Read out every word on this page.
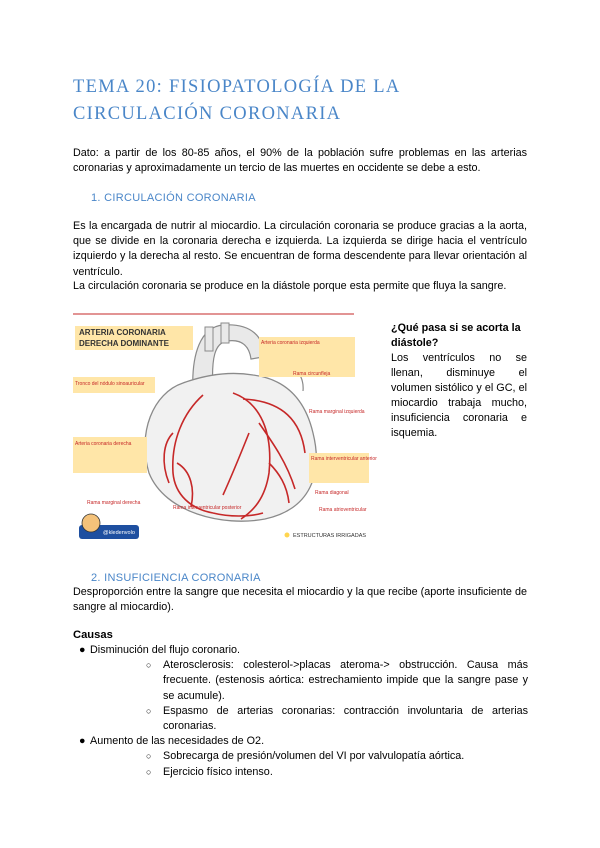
TEMA 20: FISIOPATOLOGÍA DE LA CIRCULACIÓN CORONARIA

Dato: a partir de los 80-85 años, el 90% de la población sufre problemas en las arterias coronarias y aproximadamente un tercio de las muertes en occidente se debe a esto.

1. CIRCULACIÓN CORONARIA

Es la encargada de nutrir al miocardio. La circulación coronaria se produce gracias a la aorta, que se divide en la coronaria derecha e izquierda. La izquierda se dirige hacia el ventrículo izquierdo y la derecha al resto. Se encuentran de forma descendente para llevar orientación al ventrículo.

La circulación coronaria se produce en la diástole porque esta permite que fluya la sangre.

ARTERIA CORONARIA
DERECHA DOMINANTE
Tronco del nódulo sinoauricular
Arteria coronaria derecha
Rama marginal derecha
Rama interventricular posterior
Arteria coronaria izquierda
Rama circunfleja
Rama marginal izquierda
Rama interventricular anterior
Rama diagonal
Rama atrioventricular
@kledenvolo	ESTRUCTURAS IRRIGADAS
¿Qué pasa si se acorta la diástole?
Los ventrículos no se llenan, disminuye el volumen sistólico y el GC, el miocardio trabaja mucho, insuficiencia coronaria e isquemia.
2. INSUFICIENCIA CORONARIA

Desproporción entre la sangre que necesita el miocardio y la que recibe (aporte insuficiente de sangre al miocardio).

Causas

● Disminución del flujo coronario.
○ Aterosclerosis: colesterol->placas ateroma-> obstrucción. Causa más frecuente. (estenosis aórtica: estrechamiento impide que la sangre pase y se acumule).
○ Espasmo de arterias coronarias: contracción involuntaria de arterias coronarias.
● Aumento de las necesidades de O2.
○ Sobrecarga de presión/volumen del VI por valvulopatía aórtica.
○ Ejercicio físico intenso.
